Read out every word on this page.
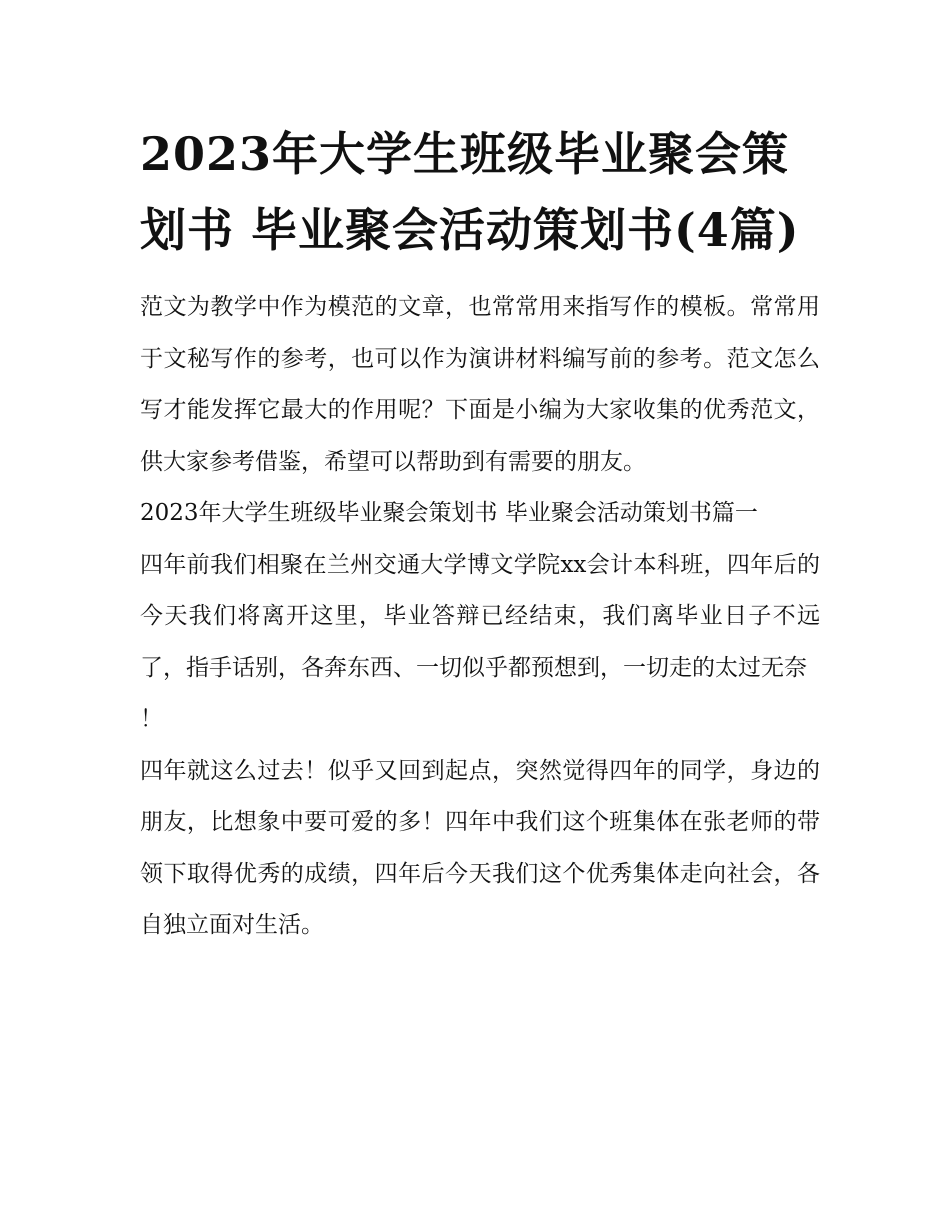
2023年大学生班级毕业聚会策划书 毕业聚会活动策划书(4篇)

范文为教学中作为模范的文章，也常常用来指写作的模板。常常用于文秘写作的参考，也可以作为演讲材料编写前的参考。范文怎么写才能发挥它最大的作用呢？下面是小编为大家收集的优秀范文，供大家参考借鉴，希望可以帮助到有需要的朋友。

2023年大学生班级毕业聚会策划书 毕业聚会活动策划书篇一

四年前我们相聚在兰州交通大学博文学院xx会计本科班，四年后的今天我们将离开这里，毕业答辩已经结束，我们离毕业日子不远了，指手话别，各奔东西、一切似乎都预想到，一切走的太过无奈

！

四年就这么过去！似乎又回到起点，突然觉得四年的同学，身边的朋友，比想象中要可爱的多！四年中我们这个班集体在张老师的带领下取得优秀的成绩，四年后今天我们这个优秀集体走向社会，各自独立面对生活。
